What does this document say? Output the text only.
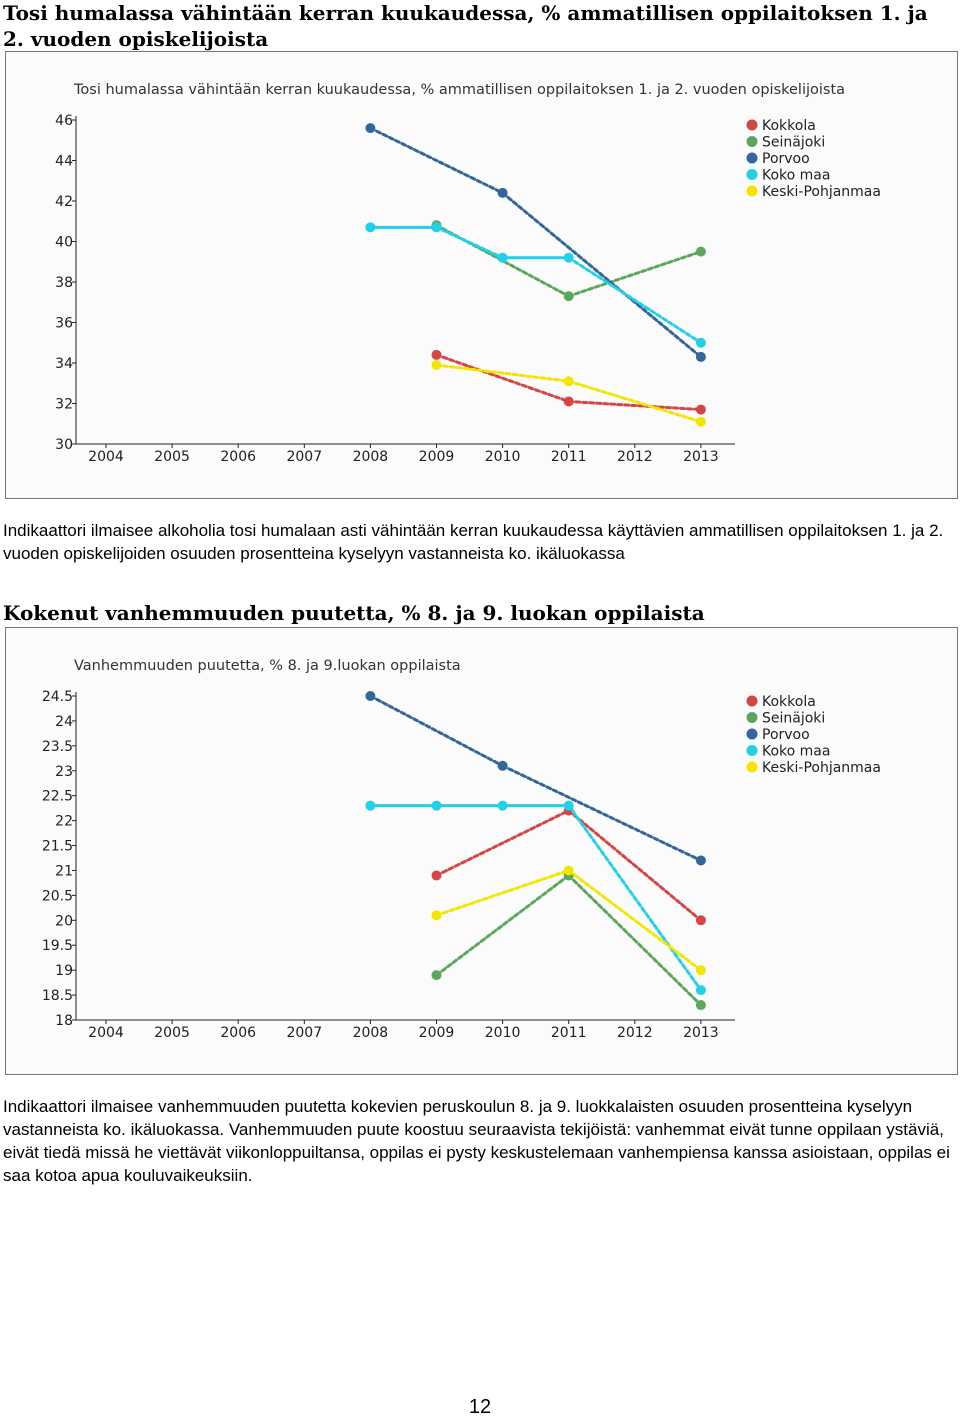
Tosi humalassa vähintään kerran kuukaudessa, % ammatillisen oppilaitoksen 1. ja 2. vuoden opiskelijoista
Tosi humalassa vähintään kerran kuukaudessa, % ammatillisen oppilaitoksen 1. ja 2. vuoden opiskelijoista
30
32
34
36
38
40
42
44
46
2004 2005 2006 2007 2008 2009 2010 2011 2012 2013
Kokkola
Seinäjoki
Porvoo
Koko maa
Keski-Pohjanmaa

Indikaattori ilmaisee alkoholia tosi humalaan asti vähintään kerran kuukaudessa käyttävien ammatillisen oppilaitoksen 1. ja 2. vuoden opiskelijoiden osuuden prosentteina kyselyyn vastanneista ko. ikäluokassa

Kokenut vanhemmuuden puutetta, % 8. ja 9. luokan oppilaista
Vanhemmuuden puutetta, % 8. ja 9.luokan oppilaista
18
18.5
19
19.5
20
20.5
21
21.5
22
22.5
23
23.5
24
24.5
2004 2005 2006 2007 2008 2009 2010 2011 2012 2013
Kokkola
Seinäjoki
Porvoo
Koko maa
Keski-Pohjanmaa

Indikaattori ilmaisee vanhemmuuden puutetta kokevien peruskoulun 8. ja 9. luokkalaisten osuuden prosentteina kyselyyn vastanneista ko. ikäluokassa. Vanhemmuuden puute koostuu seuraavista tekijöistä: vanhemmat eivät tunne oppilaan ystäviä, eivät tiedä missä he viettävät viikonloppuiltansa, oppilas ei pysty keskustelemaan vanhempiensa kanssa asioistaan, oppilas ei saa kotoa apua kouluvaikeuksiin.

12
